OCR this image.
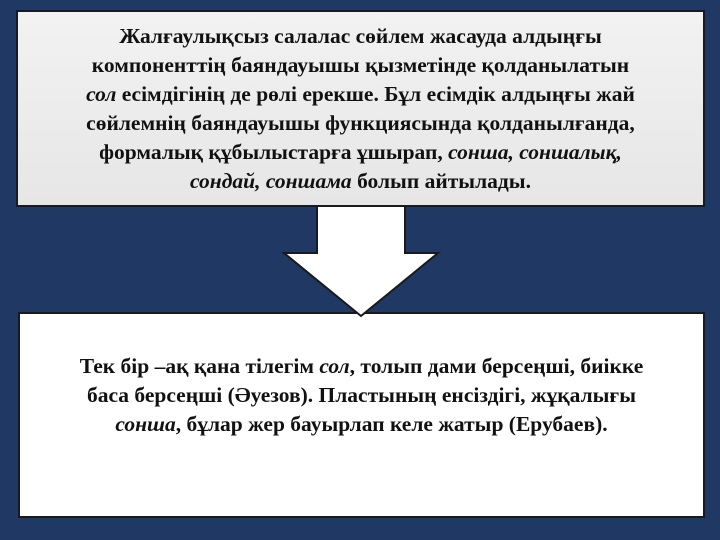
Жалғаулықсыз салалас сөйлем жасауда алдыңғы
компоненттің баяндауышы қызметінде қолданылатын
сол есімдігінің де рөлі ерекше. Бұл есімдік алдыңғы жай
сөйлемнің баяндауышы функциясында қолданылғанда,
формалық құбылыстарға ұшырап, сонша, соншалық,
сондай, соншама болып айтылады.

Тек бір –ақ қана тілегім сол, толып дами берсеңші, биікке
баса берсеңші (Әуезов). Пластының енсіздігі, жұқалығы
сонша, бұлар жер бауырлап келе жатыр (Ерубаев).
